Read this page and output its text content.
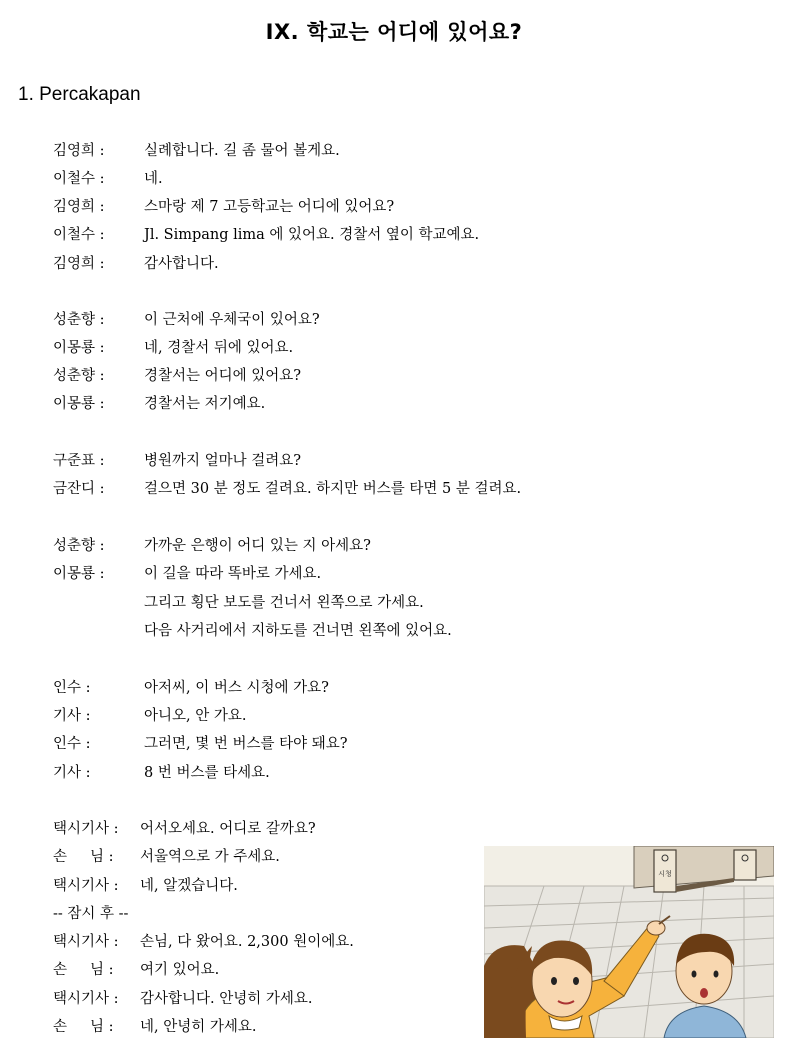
IX. 학교는 어디에 있어요?
1. Percakapan
김영희 :	실례합니다. 길 좀 물어 볼게요.
이철수 :	네.
김영희 :	스마랑 제 7 고등학교는 어디에 있어요?
이철수 :	Jl. Simpang lima 에 있어요. 경찰서 옆이 학교예요.
김영희 :	감사합니다.
성춘향 :	이 근처에 우체국이 있어요?
이몽룡 :	네, 경찰서 뒤에 있어요.
성춘향 :	경찰서는 어디에 있어요?
이몽룡 :	경찰서는 저기예요.
구준표 :	병원까지 얼마나 걸려요?
금잔디 :	걸으면 30 분 정도 걸려요. 하지만 버스를 타면 5 분 걸려요.
성춘향 :	가까운 은행이 어디 있는 지 아세요?
이몽룡 :	이 길을 따라 똑바로 가세요.
그리고 횡단 보도를 건너서 왼쪽으로 가세요.
다음 사거리에서 지하도를 건너면 왼쪽에 있어요.
인수 :	아저씨, 이 버스 시청에 가요?
기사 :	아니오, 안 가요.
인수 :	그러면, 몇 번 버스를 타야 돼요?
기사 :	8 번 버스를 타세요.
택시기사 : 어서오세요. 어디로 갈까요?
손     님 : 서울역으로 가 주세요.
택시기사 : 네, 알겠습니다.
-- 잠시 후 --
택시기사 : 손님, 다 왔어요. 2,300 원이에요.
손     님 : 여기 있어요.
택시기사 : 감사합니다. 안녕히 가세요.
손     님 : 네, 안녕히 가세요.
시청
